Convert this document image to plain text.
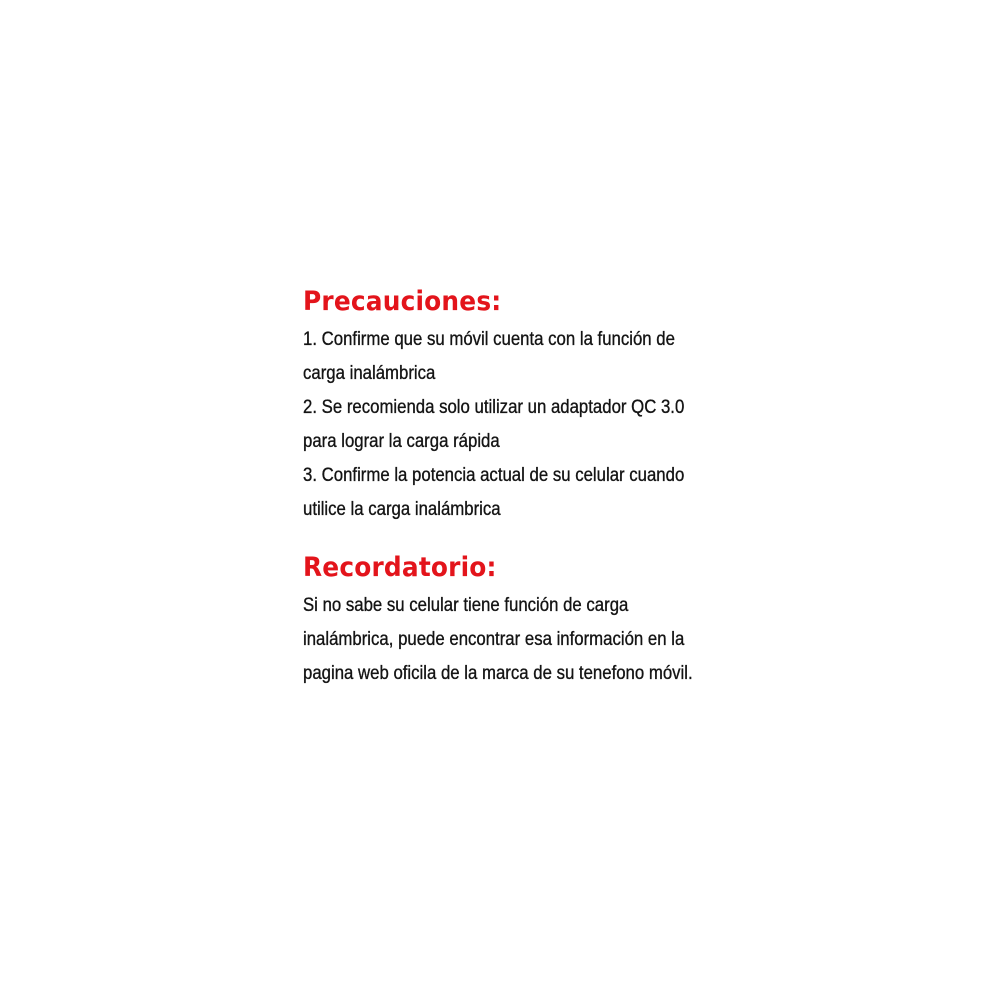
Precauciones:

1. Confirme que su móvil cuenta con la función de

carga inalámbrica

2. Se recomienda solo utilizar un adaptador QC 3.0

para lograr la carga rápida

3. Confirme la potencia actual de su celular cuando

utilice la carga inalámbrica

Recordatorio:

Si no sabe su celular tiene función de carga

inalámbrica, puede encontrar esa información en la

pagina web oficila de la marca de su tenefono móvil.
